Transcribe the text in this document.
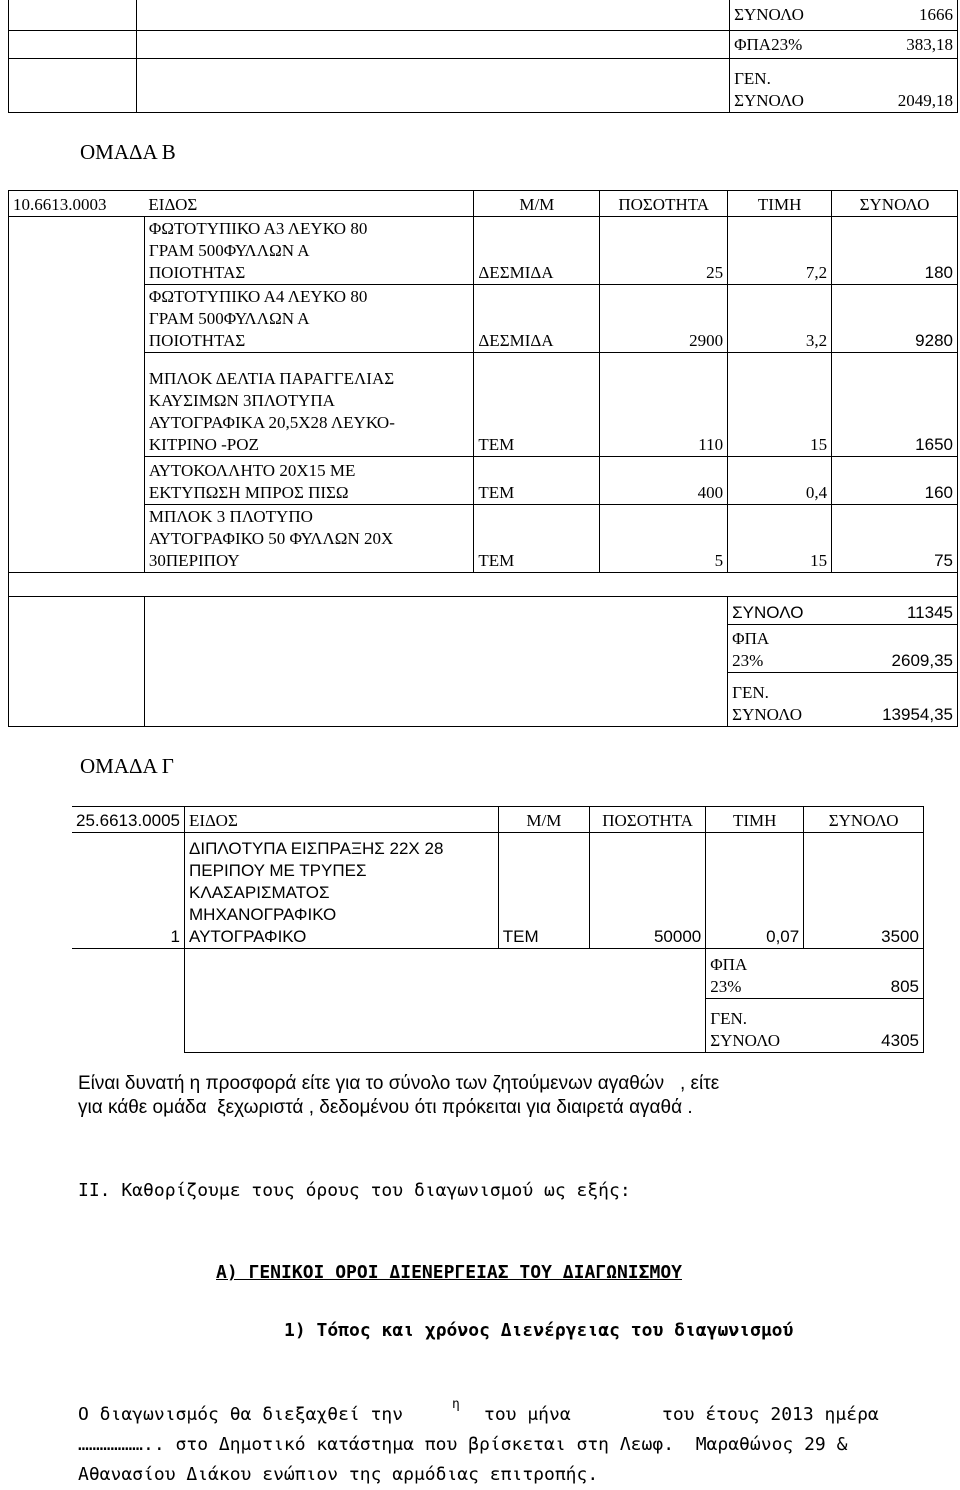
		ΣΥΝΟΛΟ	1666
		ΦΠΑ23%	383,18

		ΓΕΝ.
ΣΥΝΟΛΟ	2049,18
ΟΜΑΔΑ Β
10.6613.0003	ΕΙΔΟΣ	Μ/Μ	ΠΟΣΟΤΗΤΑ	ΤΙΜΗ	ΣΥΝΟΛΟ

	ΦΩΤΟΤΥΠΙΚΟ Α3 ΛΕΥΚΟ 80
ΓΡΑΜ 500ΦΥΛΛΩΝ Α
ΠΟΙΟΤΗΤΑΣ	ΔΕΣΜΙΔΑ	25	7,2	180

	ΦΩΤΟΤΥΠΙΚΟ Α4 ΛΕΥΚΟ 80
ΓΡΑΜ 500ΦΥΛΛΩΝ Α
ΠΟΙΟΤΗΤΑΣ	ΔΕΣΜΙΔΑ	2900	3,2	9280

	ΜΠΛΟΚ ΔΕΛΤΙΑ ΠΑΡΑΓΓΕΛΙΑΣ
ΚΑΥΣΙΜΩΝ 3ΠΛΟΤΥΠΑ
ΑΥΤΟΓΡΑΦΙΚΑ 20,5Χ28 ΛΕΥΚΟ-
ΚΙΤΡΙΝΟ -ΡΟΖ	ΤΕΜ	110	15	1650

	ΑΥΤΟΚΟΛΛΗΤΟ 20Χ15 ΜΕ
ΕΚΤΥΠΩΣΗ ΜΠΡΟΣ ΠΙΣΩ	ΤΕΜ	400	0,4	160

	ΜΠΛΟΚ 3 ΠΛΟΤΥΠΟ
ΑΥΤΟΓΡΑΦΙΚΟ 50 ΦΥΛΛΩΝ 20Χ
30ΠΕΡΙΠΟΥ	ΤΕΜ	5	15	75

				ΣΥΝΟΛΟ	11345

				ΦΠΑ
23%	2609,35

				ΓΕΝ.
ΣΥΝΟΛΟ	13954,35
ΟΜΑΔΑ Γ
25.6613.0005	ΕΙΔΟΣ	Μ/Μ	ΠΟΣΟΤΗΤΑ	ΤΙΜΗ	ΣΥΝΟΛΟ
1	ΔΙΠΛΟΤΥΠΑ ΕΙΣΠΡΑΞΗΣ 22Χ 28
ΠΕΡΙΠΟΥ ΜΕ ΤΡΥΠΕΣ
ΚΛΑΣΑΡΙΣΜΑΤΟΣ
ΜΗΧΑΝΟΓΡΑΦΙΚΟ
ΑΥΤΟΓΡΑΦΙΚΟ	ΤΕΜ	50000	0,07	3500

				ΦΠΑ
23%	805

				ΓΕΝ.
ΣΥΝΟΛΟ	4305
Είναι δυνατή η προσφορά είτε για το σύνολο των ζητούμενων αγαθών   , είτε
για κάθε ομάδα  ξεχωριστά , δεδομένου ότι πρόκειται για διαιρετά αγαθά .
ΙΙ. Καθορίζουμε τους όρους του διαγωνισμού ως εξής:
Α) ΓΕΝΙΚΟΙ ΟΡΟΙ ΔΙΕΝΕΡΓΕΙΑΣ ΤΟΥ ΔΙΑΓΩΝΙΣΜΟΥ
1) Τόπος και χρόνος Διενέργειας του διαγωνισμού
Ο διαγωνισμός θα διεξαχθεί την	η του μήνα	του έτους 2013 ημέρα
……………….. στο Δημοτικό κατάστημα που βρίσκεται στη Λεωφ.  Μαραθώνος 29 &
Αθανασίου Διάκου ενώπιον της αρμόδιας επιτροπής.
